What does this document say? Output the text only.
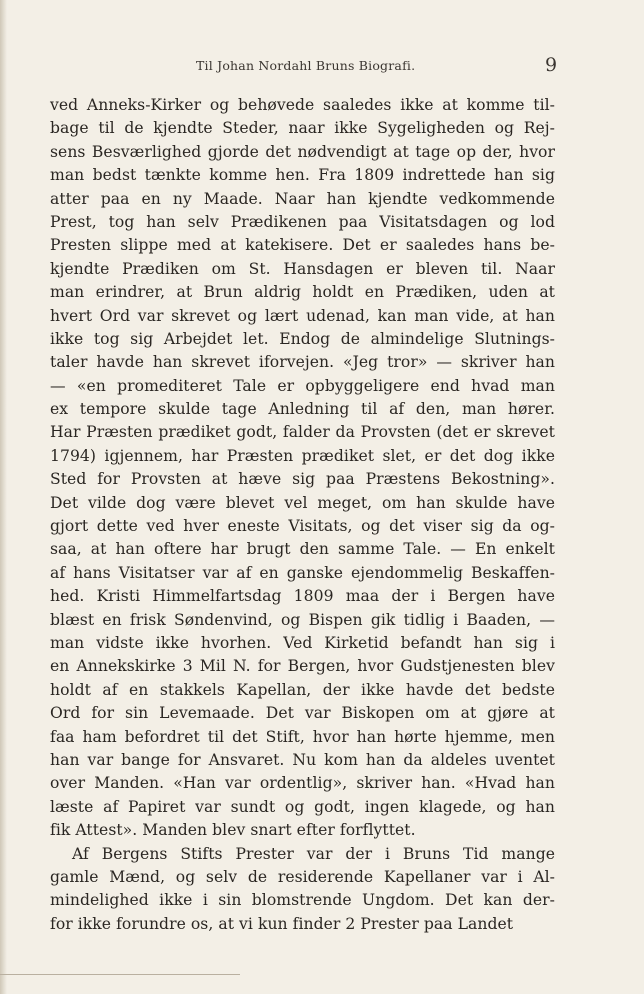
Til Johan Nordahl Bruns Biografi.	9
ved Anneks-Kirker og behøvede saaledes ikke at komme til-
bage til de kjendte Steder, naar ikke Sygeligheden og Rej-
sens Besværlighed gjorde det nødvendigt at tage op der, hvor
man bedst tænkte komme hen. Fra 1809 indrettede han sig
atter paa en ny Maade. Naar han kjendte vedkommende
Prest, tog han selv Prædikenen paa Visitatsdagen og lod
Presten slippe med at katekisere. Det er saaledes hans be-
kjendte Prædiken om St. Hansdagen er bleven til. Naar
man erindrer, at Brun aldrig holdt en Prædiken, uden at
hvert Ord var skrevet og lært udenad, kan man vide, at han
ikke tog sig Arbejdet let. Endog de almindelige Slutnings-
taler havde han skrevet iforvejen. «Jeg tror» — skriver han
— «en promediteret Tale er opbyggeligere end hvad man
ex tempore skulde tage Anledning til af den, man hører.
Har Præsten prædiket godt, falder da Provsten (det er skrevet
1794) igjennem, har Præsten prædiket slet, er det dog ikke
Sted for Provsten at hæve sig paa Præstens Bekostning».
Det vilde dog være blevet vel meget, om han skulde have
gjort dette ved hver eneste Visitats, og det viser sig da og-
saa, at han oftere har brugt den samme Tale. — En enkelt
af hans Visitatser var af en ganske ejendommelig Beskaffen-
hed. Kristi Himmelfartsdag 1809 maa der i Bergen have
blæst en frisk Søndenvind, og Bispen gik tidlig i Baaden, —
man vidste ikke hvorhen. Ved Kirketid befandt han sig i
en Annekskirke 3 Mil N. for Bergen, hvor Gudstjenesten blev
holdt af en stakkels Kapellan, der ikke havde det bedste
Ord for sin Levemaade. Det var Biskopen om at gjøre at
faa ham befordret til det Stift, hvor han hørte hjemme, men
han var bange for Ansvaret. Nu kom han da aldeles uventet
over Manden. «Han var ordentlig», skriver han. «Hvad han
læste af Papiret var sundt og godt, ingen klagede, og han
fik Attest». Manden blev snart efter forflyttet.
Af Bergens Stifts Prester var der i Bruns Tid mange
gamle Mænd, og selv de residerende Kapellaner var i Al-
mindelighed ikke i sin blomstrende Ungdom. Det kan der-
for ikke forundre os, at vi kun finder 2 Prester paa Landet
